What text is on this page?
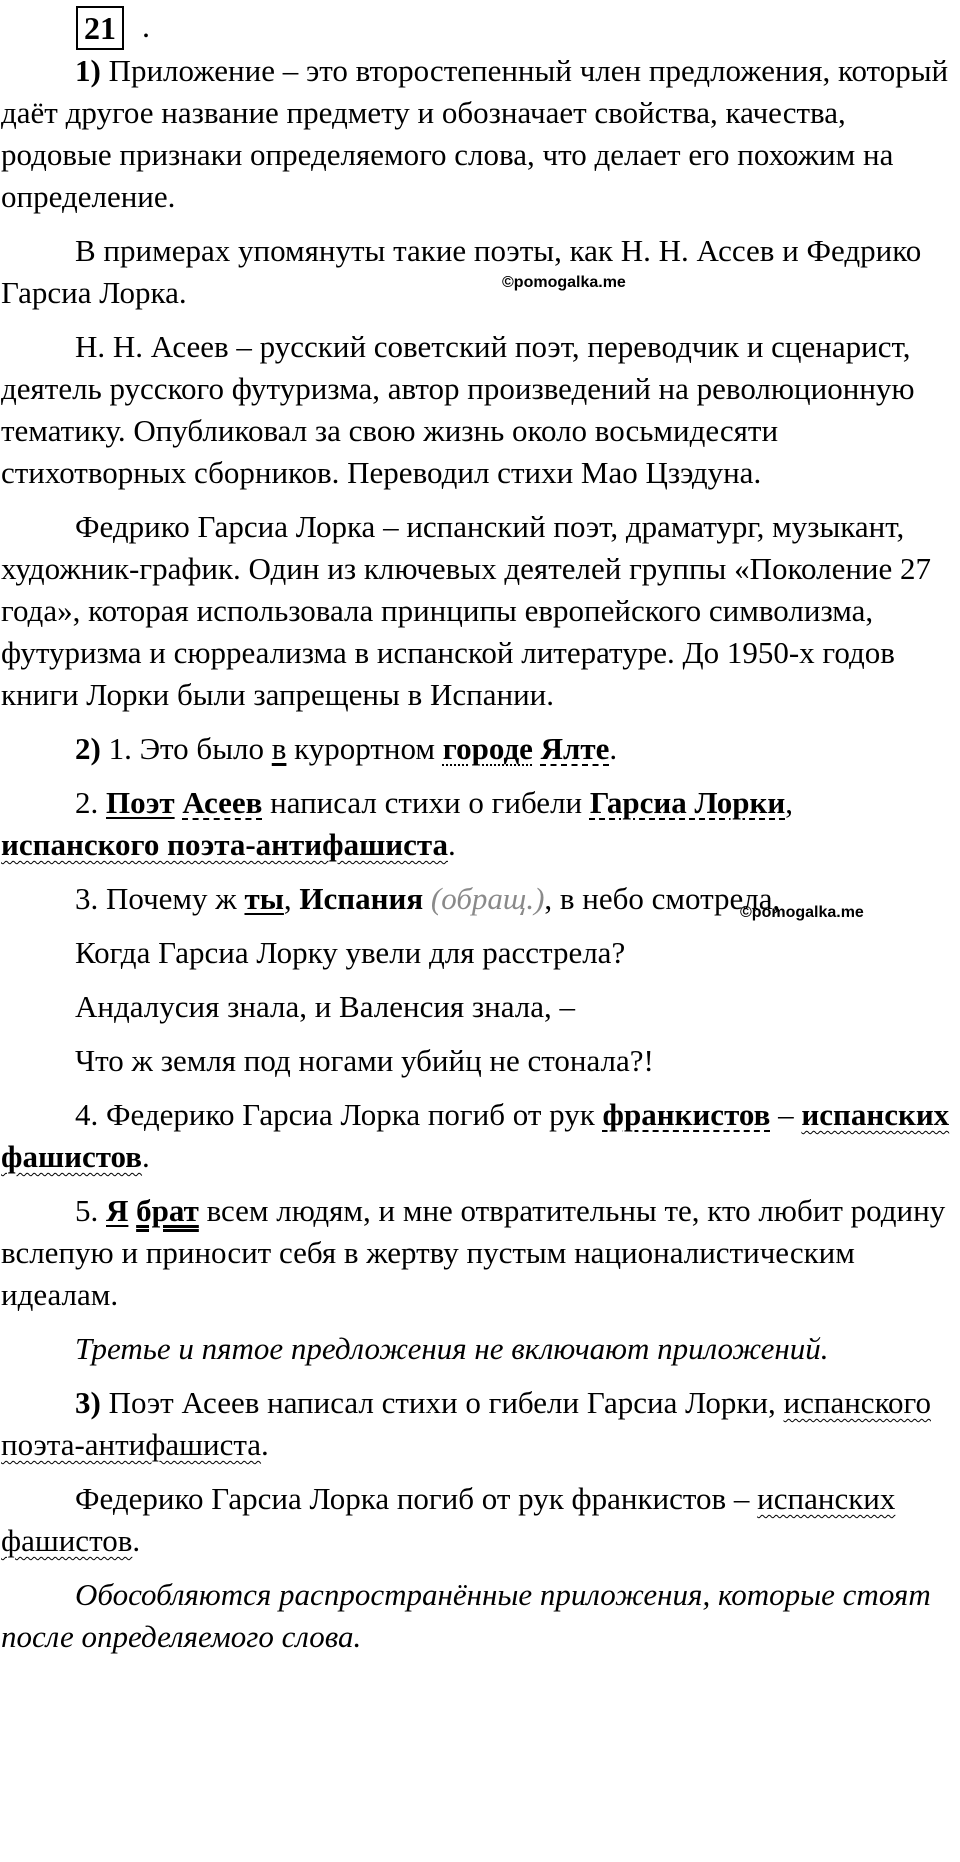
21 .

1) Приложение – это второстепенный член предложения, который даёт другое название предмету и обозначает свойства, качества, родовые признаки определяемого слова, что делает его похожим на определение.

В примерах упомянуты такие поэты, как Н. Н. Ассев и Федрико Гарсиа Лорка.

Н. Н. Асеев – русский советский поэт, переводчик и сценарист, деятель русского футуризма, автор произведений на революционную тематику. Опубликовал за свою жизнь около восьмидесяти стихотворных сборников. Переводил стихи Мао Цзэдуна.

Федрико Гарсиа Лорка – испанский поэт, драматург, музыкант, художник-график. Один из ключевых деятелей группы «Поколение 27 года», которая использовала принципы европейского символизма, футуризма и сюрреализма в испанской литературе. До 1950-х годов книги Лорки были запрещены в Испании.

2) 1. Это было в курортном городе Ялте.

2. Поэт Асеев написал стихи о гибели Гарсиа Лорки, испанского поэта-антифашиста.

3. Почему ж ты, Испания (обращ.), в небо смотрела,

Когда Гарсиа Лорку увели для расстрела?

Андалусия знала, и Валенсия знала, –

Что ж земля под ногами убийц не стонала?!

4. Федерико Гарсиа Лорка погиб от рук франкистов – испанских фашистов.

5. Я брат всем людям, и мне отвратительны те, кто любит родину вслепую и приносит себя в жертву пустым националистическим идеалам.

Третье и пятое предложения не включают приложений.

3) Поэт Асеев написал стихи о гибели Гарсиа Лорки, испанского поэта-антифашиста.

Федерико Гарсиа Лорка погиб от рук франкистов – испанских фашистов.

Обособляются распространённые приложения, которые стоят после определяемого слова.

©pomogalka.me
©pomogalka.me
